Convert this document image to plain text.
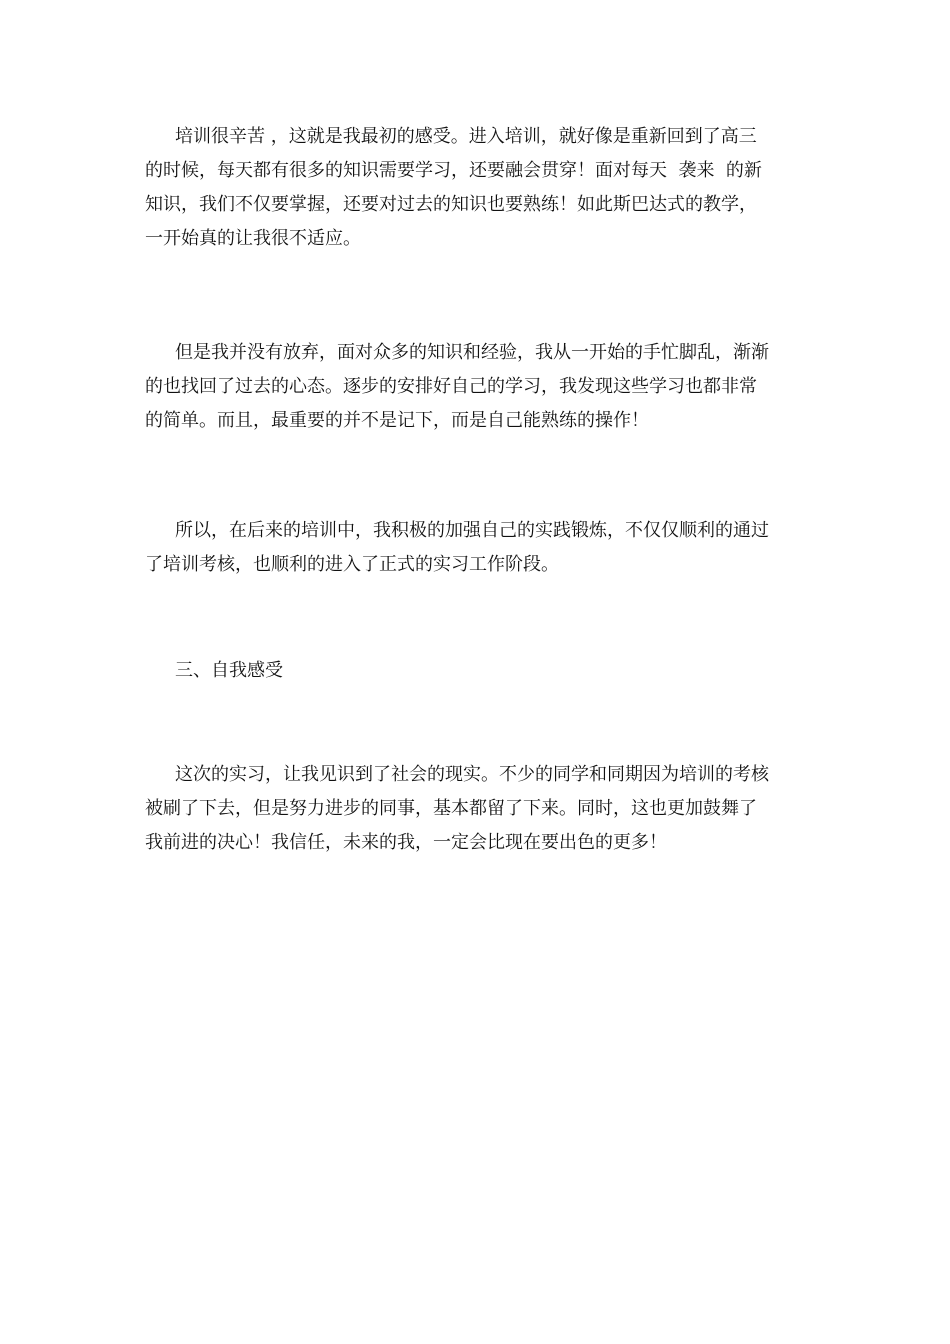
培训很辛苦 ，这就是我最初的感受。进入培训，就好像是重新回到了高三
的时候，每天都有很多的知识需要学习，还要融会贯穿！面对每天  袭来  的新
知识，我们不仅要掌握，还要对过去的知识也要熟练！如此斯巴达式的教学，
一开始真的让我很不适应。

但是我并没有放弃，面对众多的知识和经验，我从一开始的手忙脚乱，渐渐
的也找回了过去的心态。逐步的安排好自己的学习，我发现这些学习也都非常
的简单。而且，最重要的并不是记下，而是自己能熟练的操作！

所以，在后来的培训中，我积极的加强自己的实践锻炼，不仅仅顺利的通过
了培训考核，也顺利的进入了正式的实习工作阶段。

三、自我感受

这次的实习，让我见识到了社会的现实。不少的同学和同期因为培训的考核
被刷了下去，但是努力进步的同事，基本都留了下来。同时，这也更加鼓舞了
我前进的决心！我信任，未来的我，一定会比现在要出色的更多！
